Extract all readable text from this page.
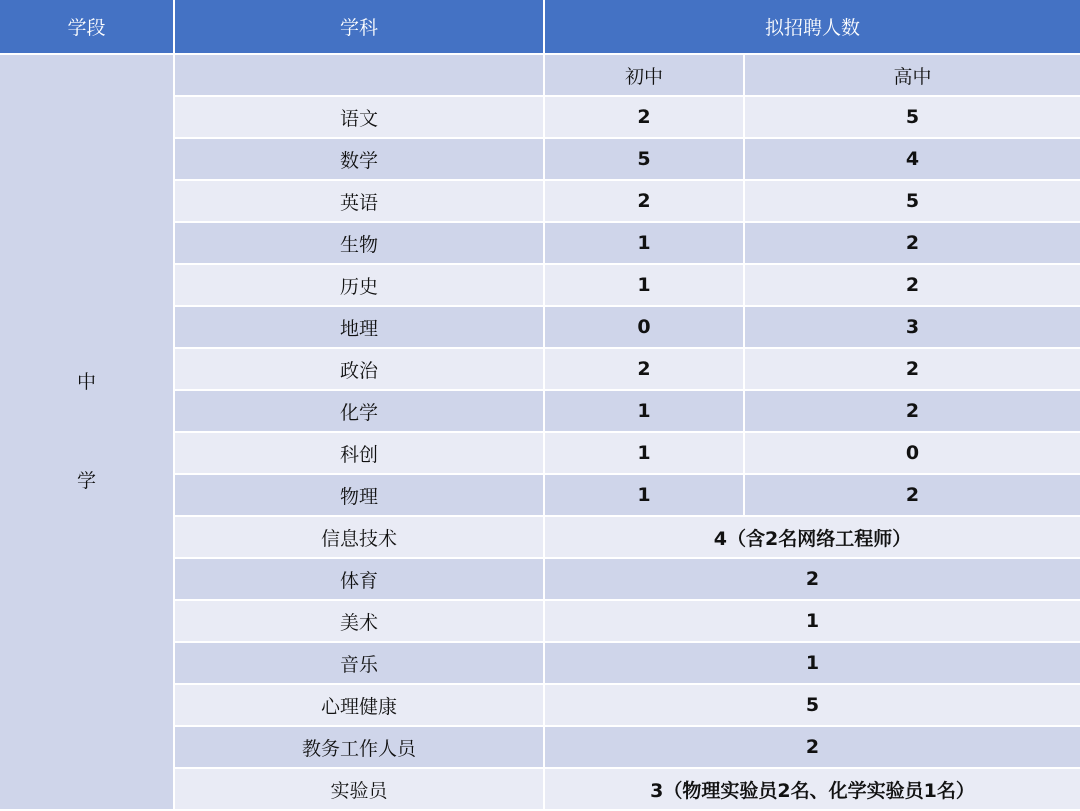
学段	学科	拟招聘人数	

中
学		初中	高中
	语文	2	5
	数学	5	4
	英语	2	5
	生物	1	2
	历史	1	2
	地理	0	3
	政治	2	2
	化学	1	2
	科创	1	0
	物理	1	2
	信息技术	4（含2名网络工程师）	
	体育	2	
	美术	1	
	音乐	1	
	心理健康	5	
	教务工作人员	2	
	实验员	3（物理实验员2名、化学实验员1名）	
